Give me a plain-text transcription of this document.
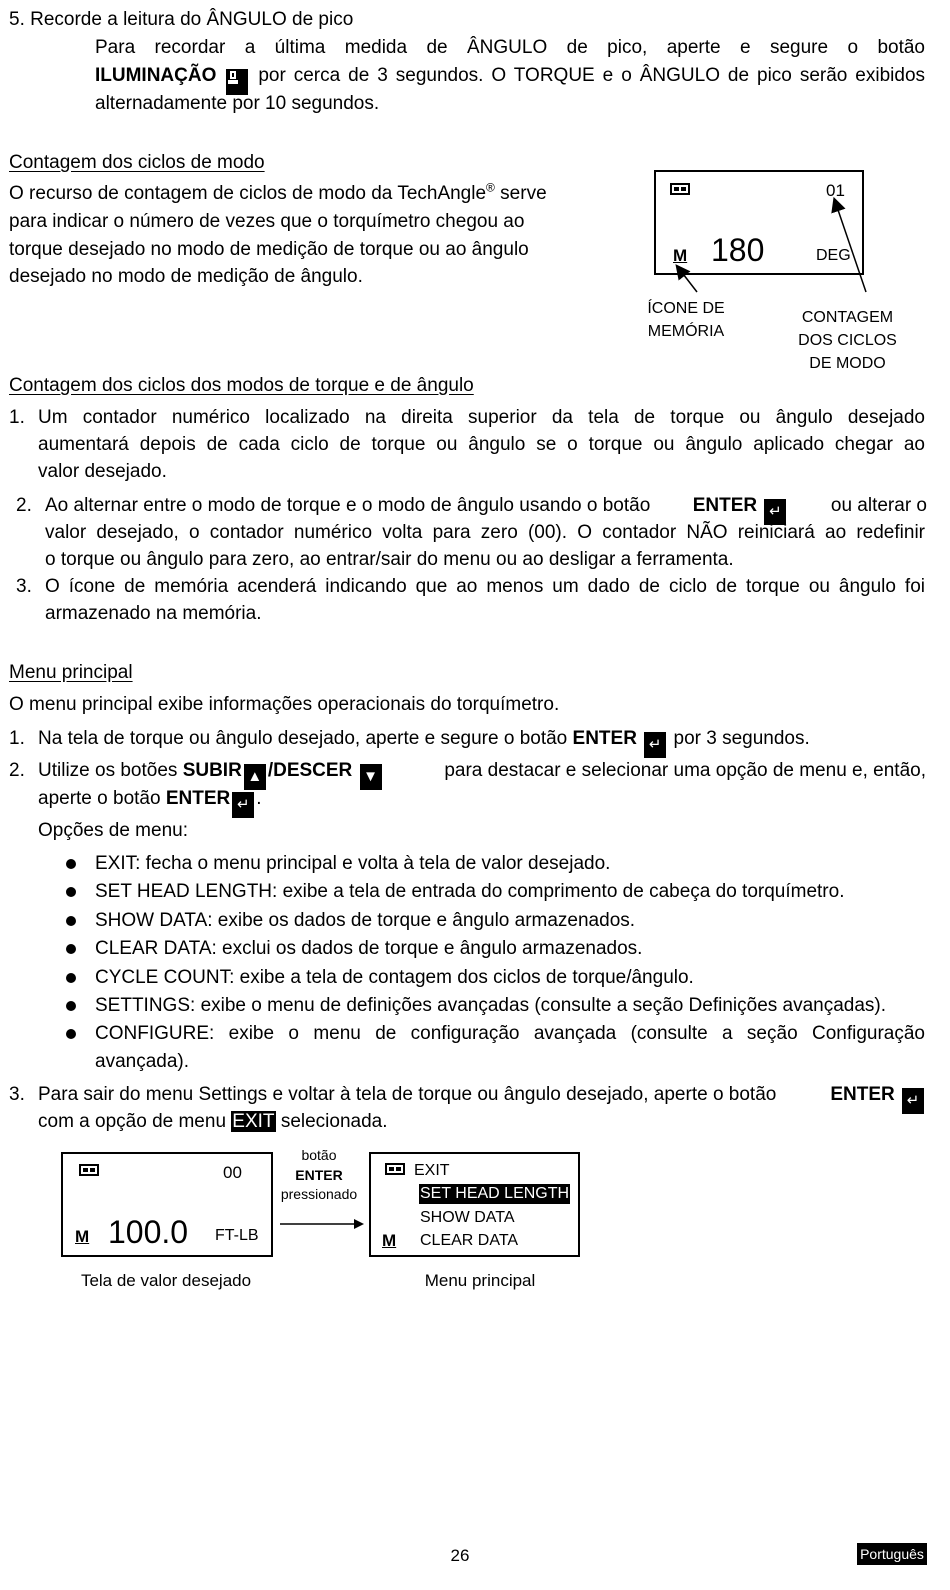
5. Recorde a leitura do ÂNGULO de pico
Para recordar a última medida de ÂNGULO de pico, aperte e segure o botão
ILUMINAÇÃO por cerca de 3 segundos. O TORQUE e o ÂNGULO de pico serão exibidos
alternadamente por 10 segundos.
Contagem dos ciclos de modo
O recurso de contagem de ciclos de modo da TechAngle® serve
para indicar o número de vezes que o torquímetro chegou ao
torque desejado no modo de medição de torque ou ao ângulo
desejado no modo de medição de ângulo.
01
M 180	DEG
ÍCONE DE
MEMÓRIA
CONTAGEM
DOS CICLOS
DE MODO
Contagem dos ciclos dos modos de torque e de ângulo
1. Um contador numérico localizado na direita superior da tela de torque ou ângulo desejado
aumentará depois de cada ciclo de torque ou ângulo se o torque ou ângulo aplicado chegar ao
valor desejado.
2. Ao alternar entre o modo de torque e o modo de ângulo usando o botão ENTER ↵	ou alterar o
valor desejado, o contador numérico volta para zero (00). O contador NÃO reiniciará ao redefinir
o torque ou ângulo para zero, ao entrar/sair do menu ou ao desligar a ferramenta.
3. O ícone de memória acenderá indicando que ao menos um dado de ciclo de torque ou ângulo foi
armazenado na memória.
Menu principal
O menu principal exibe informações operacionais do torquímetro.
1. Na tela de torque ou ângulo desejado, aperte e segure o botão ENTER ↵ por 3 segundos.
2. Utilize os botões SUBIR ▲ /DESCER ▼	para destacar e selecionar uma opção de menu e, então,
aperte o botão ENTER ↵ .
Opções de menu:
EXIT: fecha o menu principal e volta à tela de valor desejado.
SET HEAD LENGTH: exibe a tela de entrada do comprimento de cabeça do torquímetro.
SHOW DATA: exibe os dados de torque e ângulo armazenados.
CLEAR DATA: exclui os dados de torque e ângulo armazenados.
CYCLE COUNT: exibe a tela de contagem dos ciclos de torque/ângulo.
SETTINGS: exibe o menu de definições avançadas (consulte a seção Definições avançadas).
CONFIGURE: exibe o menu de configuração avançada (consulte a seção Configuração
avançada).
3. Para sair do menu Settings e voltar à tela de torque ou ângulo desejado, aperte o botão	ENTER ↵
com a opção de menu EXIT selecionada.
00
M 100.0 FT-LB
Tela de valor desejado
botão
ENTER
pressionado
EXIT
SET HEAD LENGTH
SHOW DATA
CLEAR DATA
M
Menu principal
26	Português
